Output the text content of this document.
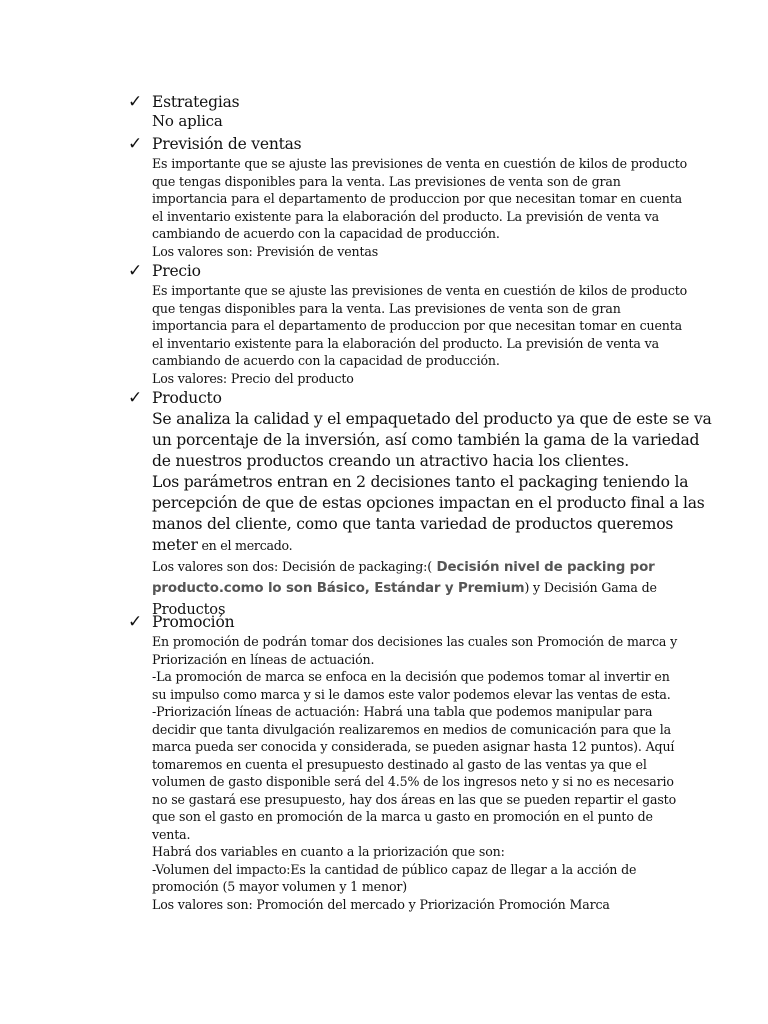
✓ Estrategias
No aplica
✓ Previsión de ventas
Es importante que se ajuste las previsiones de venta en cuestión de kilos de producto
que tengas disponibles para la venta. Las previsiones de venta son de gran
importancia para el departamento de produccion por que necesitan tomar en cuenta
el inventario existente para la elaboración del producto. La previsión de venta va
cambiando de acuerdo con la capacidad de producción.
Los valores son: Previsión de ventas
✓ Precio
Es importante que se ajuste las previsiones de venta en cuestión de kilos de producto
que tengas disponibles para la venta. Las previsiones de venta son de gran
importancia para el departamento de produccion por que necesitan tomar en cuenta
el inventario existente para la elaboración del producto. La previsión de venta va
cambiando de acuerdo con la capacidad de producción.
Los valores: Precio del producto
✓ Producto
Se analiza la calidad y el empaquetado del producto ya que de este se va
un porcentaje de la inversión, así como también la gama de la variedad
de nuestros productos creando un atractivo hacia los clientes.
Los parámetros entran en 2 decisiones tanto el packaging teniendo la
percepción de que de estas opciones impactan en el producto final a las
manos del cliente, como que tanta variedad de productos queremos
meter en el mercado.
Los valores son dos: Decisión de packaging:( Decisión nivel de packing por
producto.como lo son Básico, Estándar y Premium) y Decisión Gama de
Productos
✓ Promoción
En promoción de podrán tomar dos decisiones las cuales son Promoción de marca y
Priorización en líneas de actuación.
-La promoción de marca se enfoca en la decisión que podemos tomar al invertir en
su impulso como marca y si le damos este valor podemos elevar las ventas de esta.
-Priorización líneas de actuación: Habrá una tabla que podemos manipular para
decidir que tanta divulgación realizaremos en medios de comunicación para que la
marca pueda ser conocida y considerada, se pueden asignar hasta 12 puntos). Aquí
tomaremos en cuenta el presupuesto destinado al gasto de las ventas ya que el
volumen de gasto disponible será del 4.5% de los ingresos neto y si no es necesario
no se gastará ese presupuesto, hay dos áreas en las que se pueden repartir el gasto
que son el gasto en promoción de la marca u gasto en promoción en el punto de
venta.
Habrá dos variables en cuanto a la priorización que son:
-Volumen del impacto:Es la cantidad de público capaz de llegar a la acción de
promoción (5 mayor volumen y 1 menor)
Los valores son: Promoción del mercado y Priorización Promoción Marca
